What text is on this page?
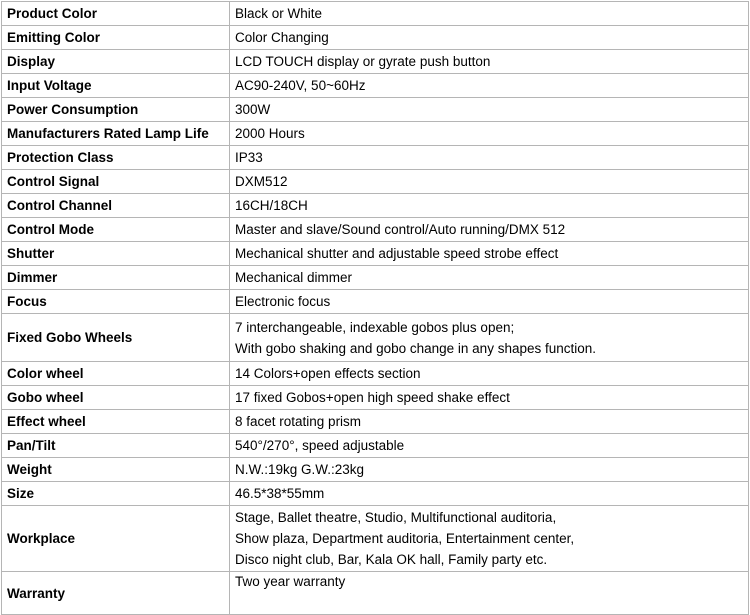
Product Color	Black or White
Emitting Color	Color Changing
Display	LCD TOUCH display or gyrate push button
Input Voltage	AC90-240V, 50~60Hz
Power Consumption	300W
Manufacturers Rated Lamp Life	2000 Hours
Protection Class	IP33
Control Signal	DXM512
Control Channel	16CH/18CH
Control Mode	Master and slave/Sound control/Auto running/DMX 512
Shutter	Mechanical shutter and adjustable speed strobe effect
Dimmer	Mechanical dimmer
Focus	Electronic focus
Fixed Gobo Wheels	7 interchangeable, indexable gobos plus open;
With gobo shaking and gobo change in any shapes function.

Color wheel	14 Colors+open effects section
Gobo wheel	17 fixed Gobos+open high speed shake effect
Effect wheel	8 facet rotating prism
Pan/Tilt	540°/270°, speed adjustable
Weight	N.W.:19kg G.W.:23kg
Size	46.5*38*55mm
Workplace	Stage, Ballet theatre, Studio, Multifunctional auditoria,
Show plaza, Department auditoria, Entertainment center,
Disco night club, Bar, Kala OK hall, Family party etc.

Warranty	Two year warranty
